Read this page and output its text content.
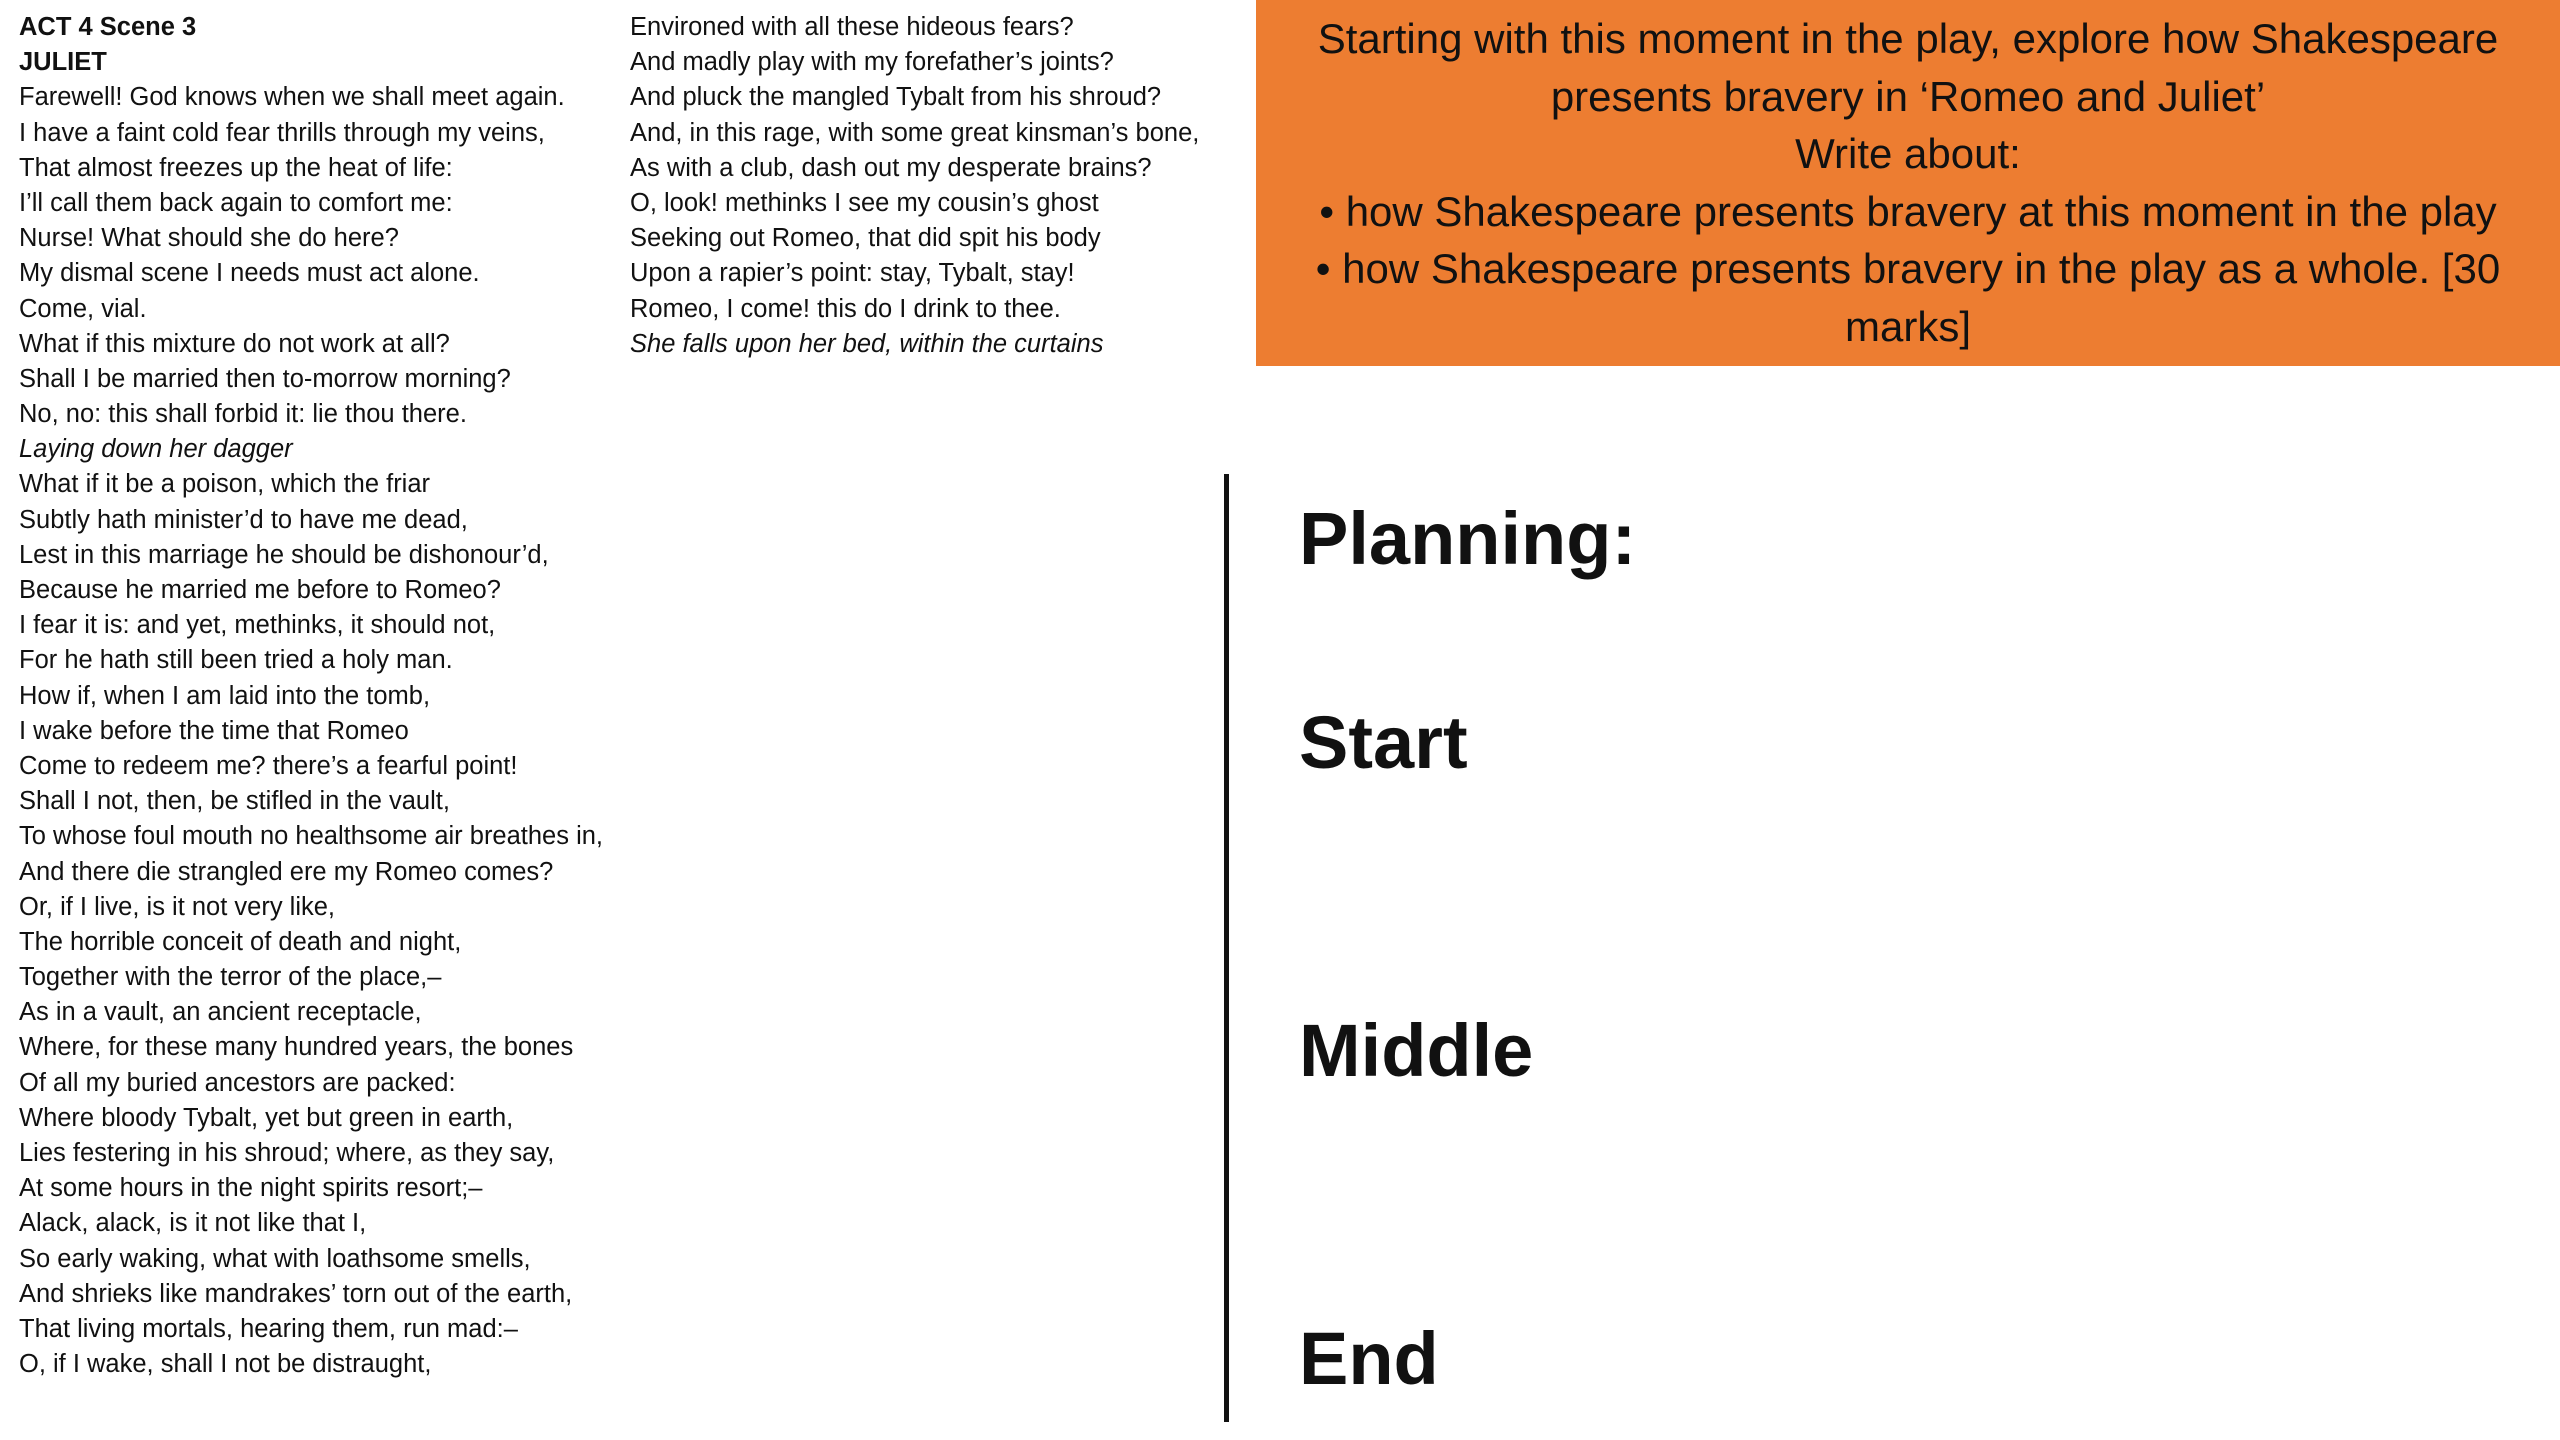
ACT 4 Scene 3
JULIET
Farewell! God knows when we shall meet again.
I have a faint cold fear thrills through my veins,
That almost freezes up the heat of life:
I’ll call them back again to comfort me:
Nurse! What should she do here?
My dismal scene I needs must act alone.
Come, vial.
What if this mixture do not work at all?
Shall I be married then to-morrow morning?
No, no: this shall forbid it: lie thou there.
Laying down her dagger
What if it be a poison, which the friar
Subtly hath minister’d to have me dead,
Lest in this marriage he should be dishonour’d,
Because he married me before to Romeo?
I fear it is: and yet, methinks, it should not,
For he hath still been tried a holy man.
How if, when I am laid into the tomb,
I wake before the time that Romeo
Come to redeem me? there’s a fearful point!
Shall I not, then, be stifled in the vault,
To whose foul mouth no healthsome air breathes in,
And there die strangled ere my Romeo comes?
Or, if I live, is it not very like,
The horrible conceit of death and night,
Together with the terror of the place,–
As in a vault, an ancient receptacle,
Where, for these many hundred years, the bones
Of all my buried ancestors are packed:
Where bloody Tybalt, yet but green in earth,
Lies festering in his shroud; where, as they say,
At some hours in the night spirits resort;–
Alack, alack, is it not like that I,
So early waking, what with loathsome smells,
And shrieks like mandrakes’ torn out of the earth,
That living mortals, hearing them, run mad:–
O, if I wake, shall I not be distraught,
Environed with all these hideous fears?
And madly play with my forefather’s joints?
And pluck the mangled Tybalt from his shroud?
And, in this rage, with some great kinsman’s bone,
As with a club, dash out my desperate brains?
O, look! methinks I see my cousin’s ghost
Seeking out Romeo, that did spit his body
Upon a rapier’s point: stay, Tybalt, stay!
Romeo, I come! this do I drink to thee.
She falls upon her bed, within the curtains
Starting with this moment in the play, explore how Shakespeare
presents bravery in ‘Romeo and Juliet’
Write about:
• how Shakespeare presents bravery at this moment in the play
• how Shakespeare presents bravery in the play as a whole. [30 marks]
Planning:
Start
Middle
End
